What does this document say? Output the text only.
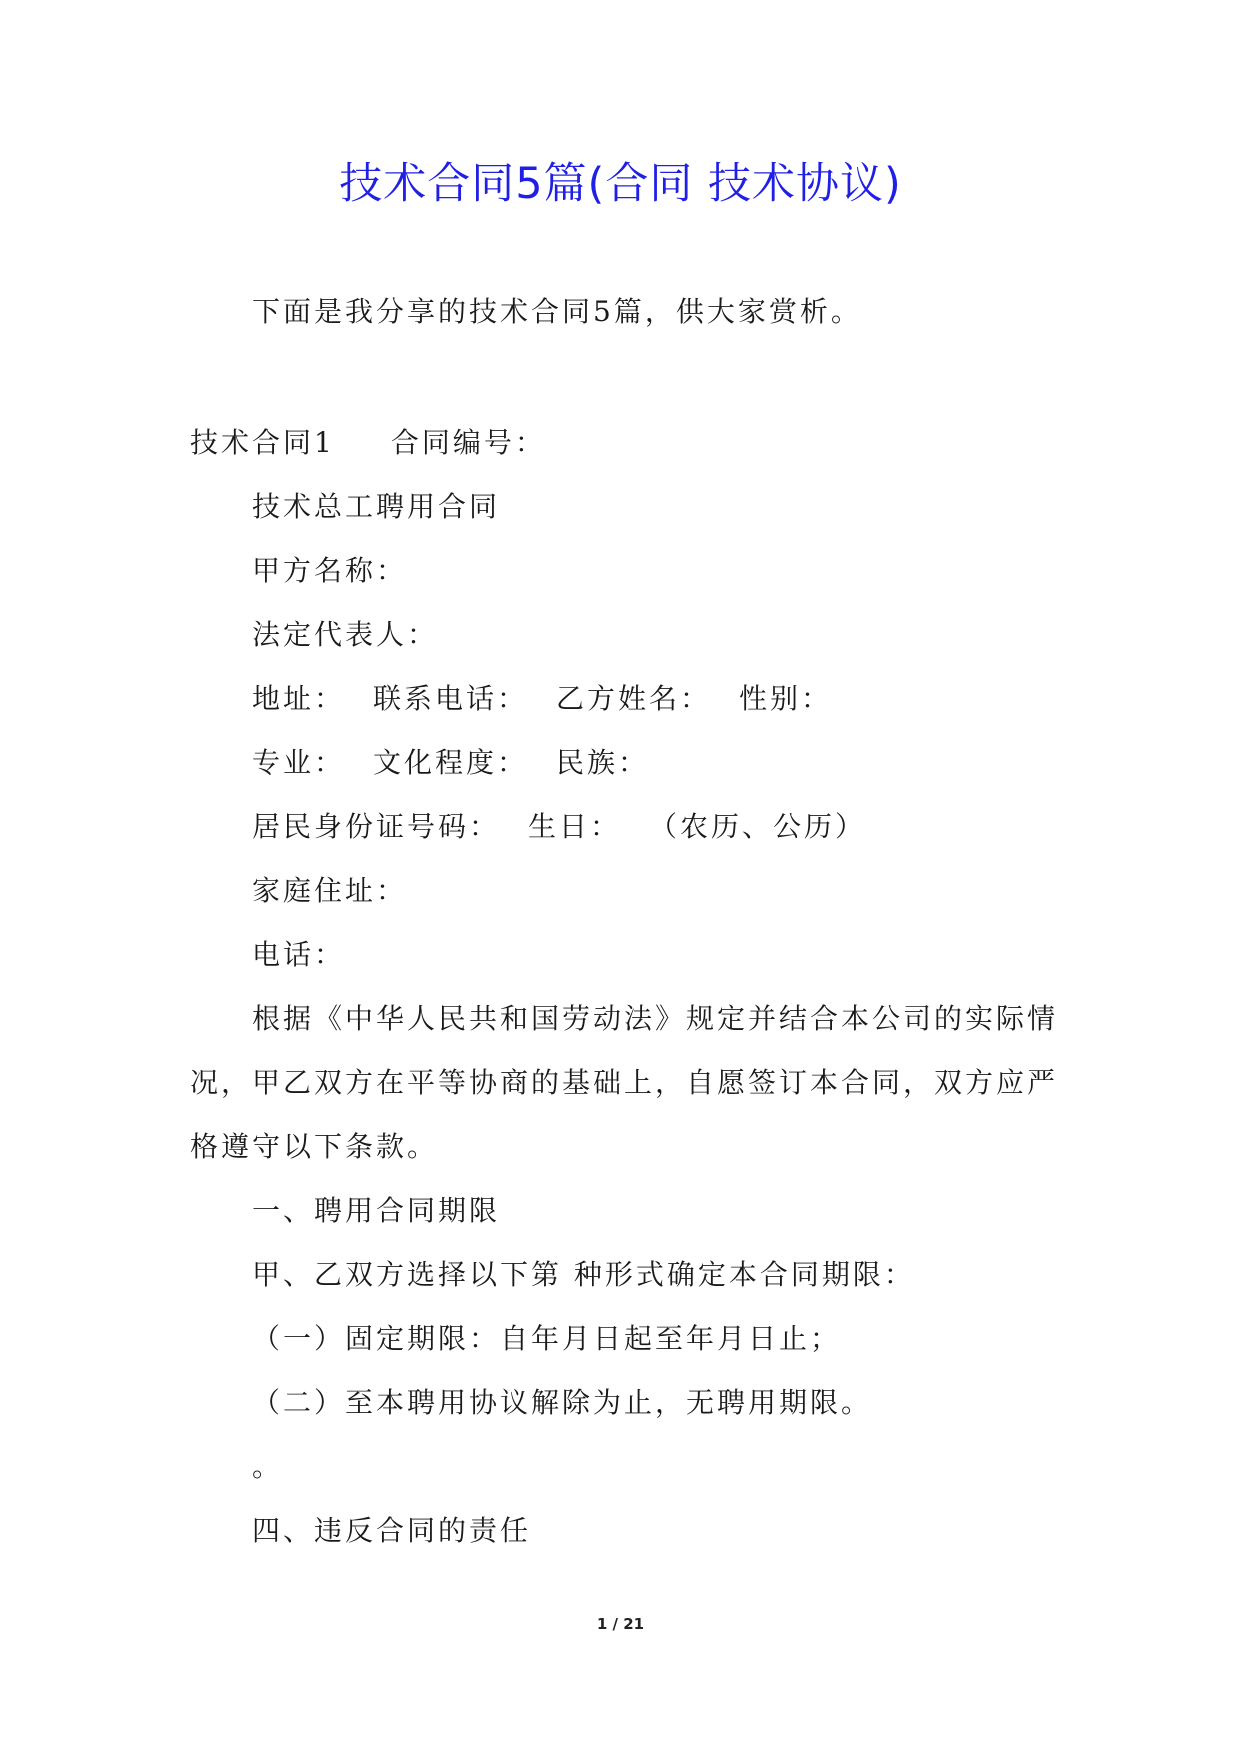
技术合同5篇(合同 技术协议)
下面是我分享的技术合同5篇，供大家赏析。
技术合同1 合同编号：
技术总工聘用合同
甲方名称：
法定代表人：
地址： 联系电话： 乙方姓名： 性别：
专业： 文化程度： 民族：
居民身份证号码： 生日： （农历、公历）
家庭住址：
电话：
根据《中华人民共和国劳动法》规定并结合本公司的实际情
况，甲乙双方在平等协商的基础上，自愿签订本合同，双方应严
格遵守以下条款。
一、聘用合同期限
甲、乙双方选择以下第 种形式确定本合同期限：
（一）固定期限：自年月日起至年月日止；
（二）至本聘用协议解除为止，无聘用期限。
。
四、违反合同的责任
1 / 21
